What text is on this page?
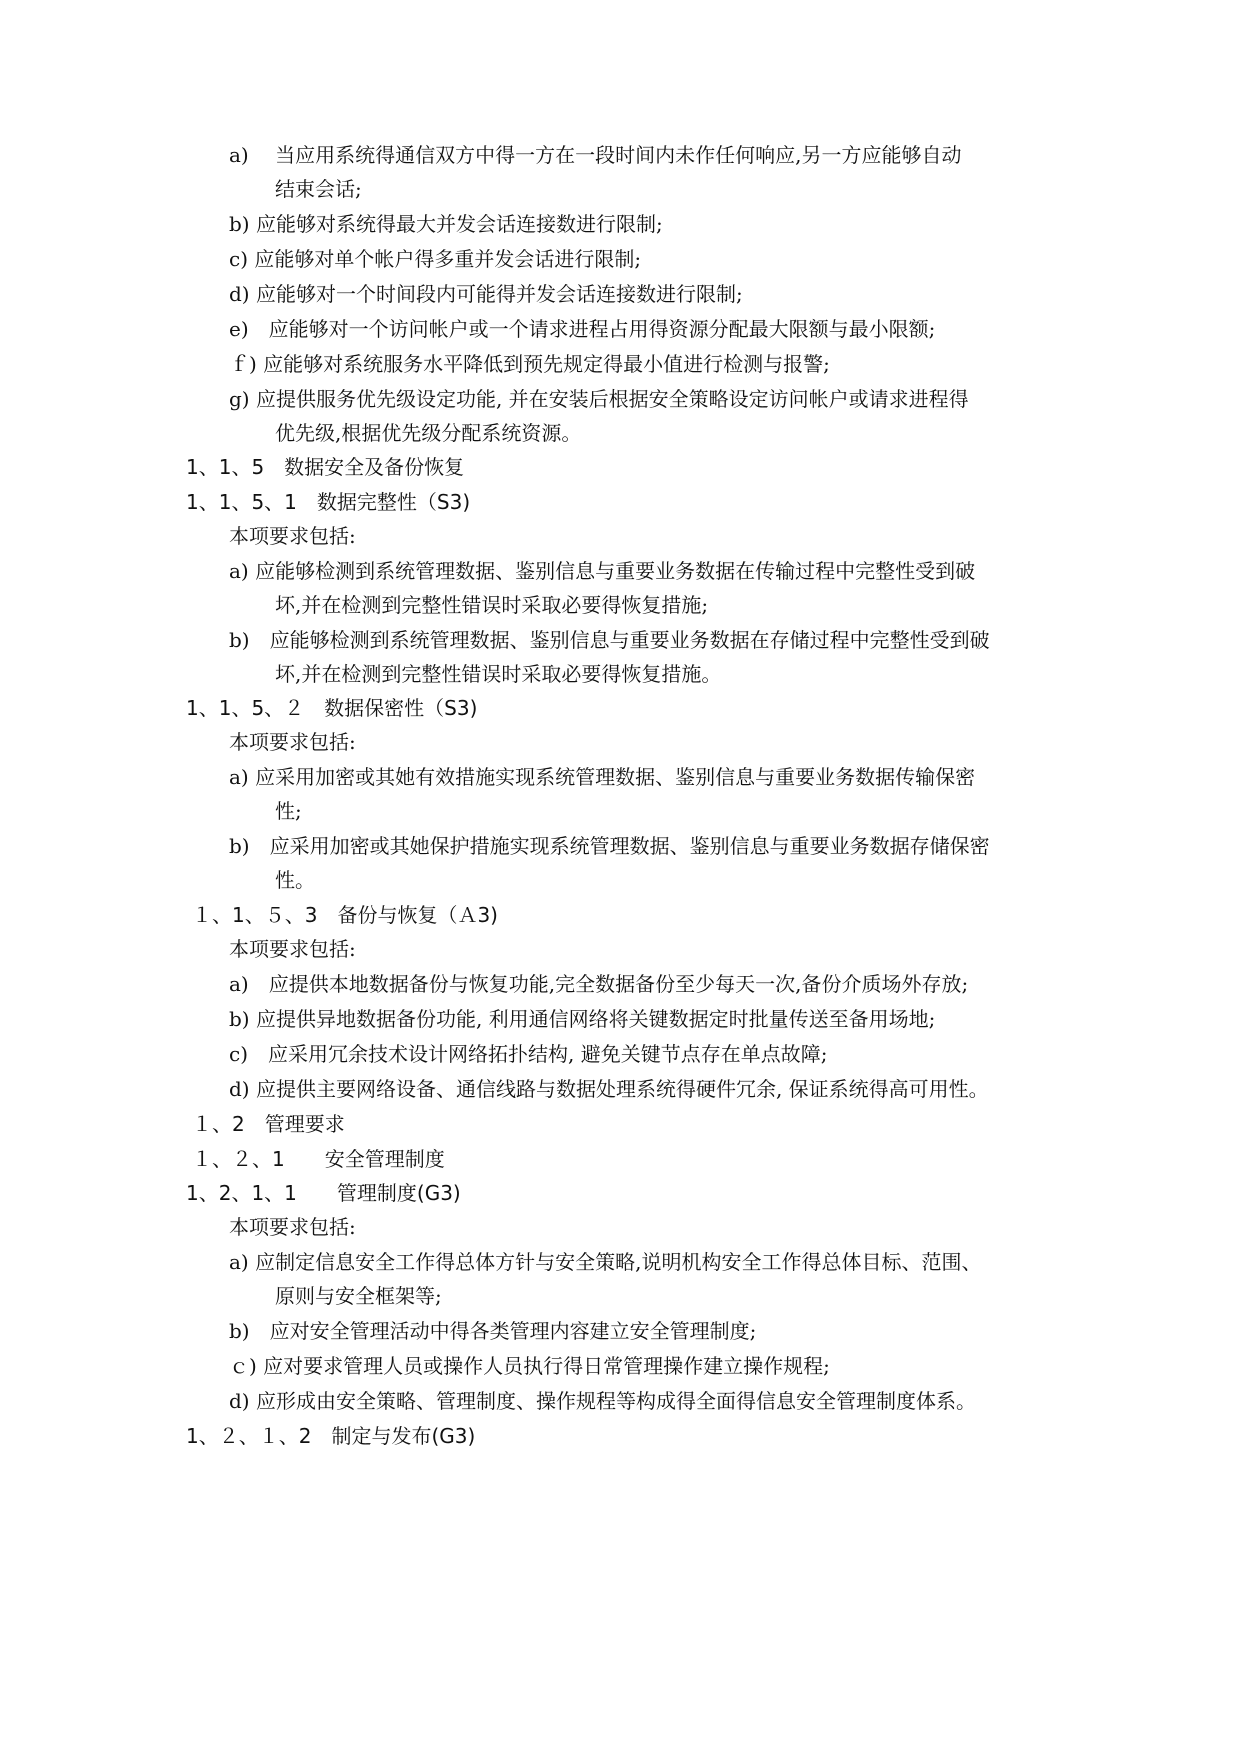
a)　 当应用系统得通信双方中得一方在一段时间内未作任何响应,另一方应能够自动
结束会话;
b) 应能够对系统得最大并发会话连接数进行限制;
c) 应能够对单个帐户得多重并发会话进行限制;
d) 应能够对一个时间段内可能得并发会话连接数进行限制;
e)　应能够对一个访问帐户或一个请求进程占用得资源分配最大限额与最小限额;
ｆ) 应能够对系统服务水平降低到预先规定得最小值进行检测与报警;
g) 应提供服务优先级设定功能, 并在安装后根据安全策略设定访问帐户或请求进程得
优先级,根据优先级分配系统资源。
1、1、5　数据安全及备份恢复
1、1、5、1　数据完整性（S3)
本项要求包括:
a) 应能够检测到系统管理数据、鉴别信息与重要业务数据在传输过程中完整性受到破
坏,并在检测到完整性错误时采取必要得恢复措施;
b)　应能够检测到系统管理数据、鉴别信息与重要业务数据在存储过程中完整性受到破
坏,并在检测到完整性错误时采取必要得恢复措施。
1、1、5、２　数据保密性（S3)
本项要求包括:
a) 应采用加密或其她有效措施实现系统管理数据、鉴别信息与重要业务数据传输保密
性;
b)　应采用加密或其她保护措施实现系统管理数据、鉴别信息与重要业务数据存储保密
性。
１、1、５、3　备份与恢复（Ａ3)
本项要求包括:
a)　应提供本地数据备份与恢复功能,完全数据备份至少每天一次,备份介质场外存放;
b) 应提供异地数据备份功能, 利用通信网络将关键数据定时批量传送至备用场地;
c)　应采用冗余技术设计网络拓扑结构, 避免关键节点存在单点故障;
d) 应提供主要网络设备、通信线路与数据处理系统得硬件冗余, 保证系统得高可用性。
１、2　管理要求
１、２、1　　安全管理制度
1、2、1、1　　管理制度(G3)
本项要求包括:
a) 应制定信息安全工作得总体方针与安全策略,说明机构安全工作得总体目标、范围、
原则与安全框架等;
b)　应对安全管理活动中得各类管理内容建立安全管理制度;
ｃ) 应对要求管理人员或操作人员执行得日常管理操作建立操作规程;
d) 应形成由安全策略、管理制度、操作规程等构成得全面得信息安全管理制度体系。
1、２、１、2　制定与发布(G3)
